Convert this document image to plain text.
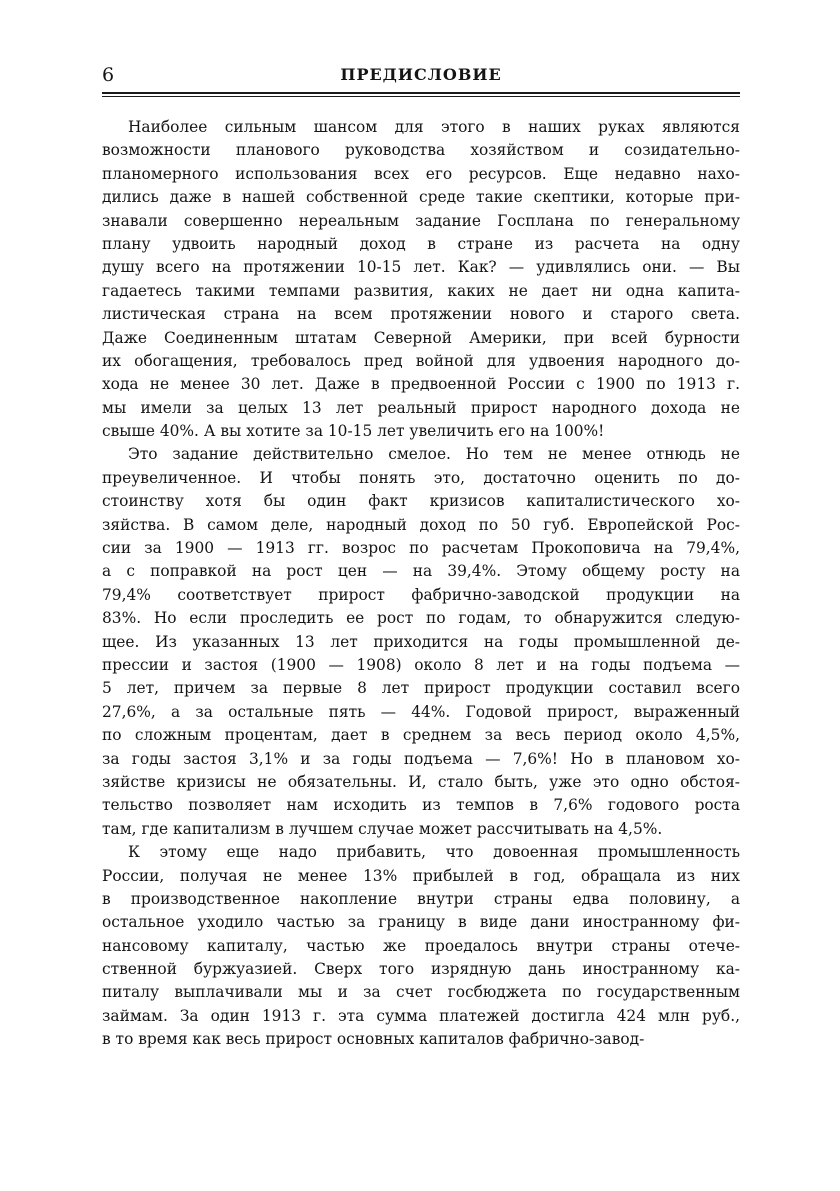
6	ПРЕДИСЛОВИЕ
Наиболее сильным шансом для этого в наших руках являются
возможности планового руководства хозяйством и созидательно-
планомерного использования всех его ресурсов. Еще недавно нахо-
дились даже в нашей собственной среде такие скептики, которые при-
знавали совершенно нереальным задание Госплана по генеральному
плану удвоить народный доход в стране из расчета на одну
душу всего на протяжении 10-15 лет. Как? — удивлялись они. — Вы
гадаетесь такими темпами развития, каких не дает ни одна капита-
листическая страна на всем протяжении нового и старого света.
Даже Соединенным штатам Северной Америки, при всей бурности
их обогащения, требовалось пред войной для удвоения народного до-
хода не менее 30 лет. Даже в предвоенной России с 1900 по 1913 г.
мы имели за целых 13 лет реальный прирост народного дохода не
свыше 40%. А вы хотите за 10-15 лет увеличить его на 100%!
Это задание действительно смелое. Но тем не менее отнюдь не
преувеличенное. И чтобы понять это, достаточно оценить по до-
стоинству хотя бы один факт кризисов капиталистического хо-
зяйства. В самом деле, народный доход по 50 губ. Европейской Рос-
сии за 1900 — 1913 гг. возрос по расчетам Прокоповича на 79,4%,
а с поправкой на рост цен — на 39,4%. Этому общему росту на
79,4% соответствует прирост фабрично-заводской продукции на
83%. Но если проследить ее рост по годам, то обнаружится следую-
щее. Из указанных 13 лет приходится на годы промышленной де-
прессии и застоя (1900 — 1908) около 8 лет и на годы подъема —
5 лет, причем за первые 8 лет прирост продукции составил всего
27,6%, а за остальные пять — 44%. Годовой прирост, выраженный
по сложным процентам, дает в среднем за весь период около 4,5%,
за годы застоя 3,1% и за годы подъема — 7,6%! Но в плановом хо-
зяйстве кризисы не обязательны. И, стало быть, уже это одно обстоя-
тельство позволяет нам исходить из темпов в 7,6% годового роста
там, где капитализм в лучшем случае может рассчитывать на 4,5%.
К этому еще надо прибавить, что довоенная промышленность
России, получая не менее 13% прибылей в год, обращала из них
в производственное накопление внутри страны едва половину, а
остальное уходило частью за границу в виде дани иностранному фи-
нансовому капиталу, частью же проедалось внутри страны отече-
ственной буржуазией. Сверх того изрядную дань иностранному ка-
питалу выплачивали мы и за счет госбюджета по государственным
займам. За один 1913 г. эта сумма платежей достигла 424 млн руб.,
в то время как весь прирост основных капиталов фабрично-завод-
